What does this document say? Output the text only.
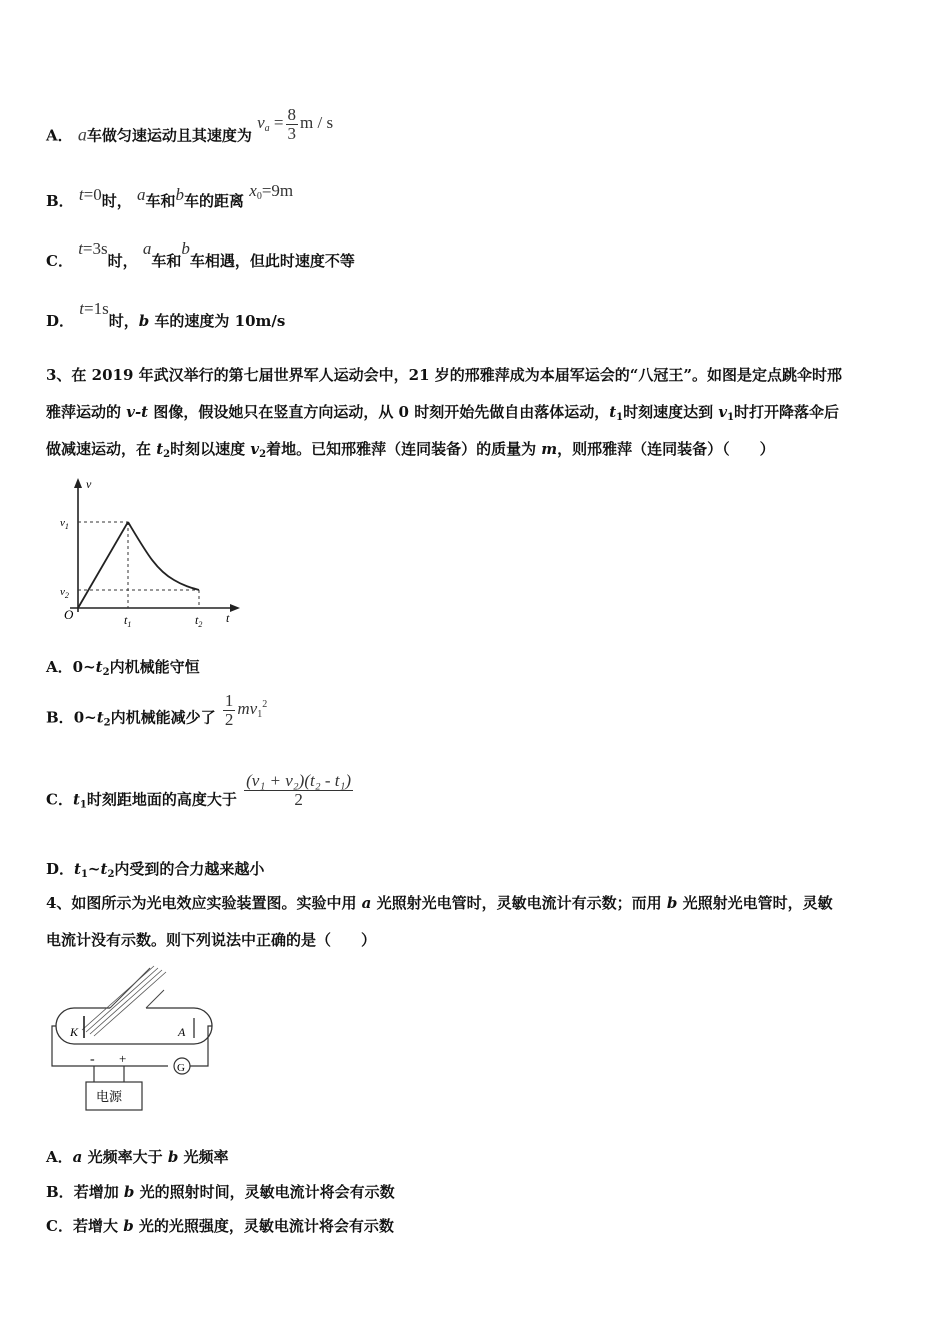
A． a车做匀速运动且其速度为 $v_a = \frac{8}{3}$ m / s
B． t=0时， a车和b车的距离 $x_0=9m$
C． t=3s时， a车和b车相遇，但此时速度不等
D． t=1s时，b 车的速度为 10m/s
3、在 2019 年武汉举行的第七届世界军人运动会中，21 岁的邢雅萍成为本届军运会的“八冠王”。如图是定点跳伞时邢
雅萍运动的 v-t 图像，假设她只在竖直方向运动，从 0 时刻开始先做自由落体运动，$t_1$时刻速度达到 $v_1$时打开降落伞后
做减速运动，在 $t_2$时刻以速度 $v_2$着地。已知邢雅萍（连同装备）的质量为 m，则邢雅萍（连同装备）（　　）
v
$v_1$
$v_2$
O	$t_1$	$t_2$ t
A．$0\sim t_2$内机械能守恒
B．$0\sim t_2$内机械能减少了 $\frac{1}{2} mv_1^2$
C．$t_1$时刻距地面的高度大于 $\frac{\text{(v₁ + v₂)(t₂ - t₁)}}{2}$
D．$t_1\sim t_2$内受到的合力越来越小
4、如图所示为光电效应实验装置图。实验中用 a 光照射光电管时，灵敏电流计有示数；而用 b 光照射光电管时，灵敏
电流计没有示数。则下列说法中正确的是（　　）
K	A
- +
G
电源
A．a 光频率大于 b 光频率
B．若增加 b 光的照射时间，灵敏电流计将会有示数
C．若增大 b 光的光照强度，灵敏电流计将会有示数
